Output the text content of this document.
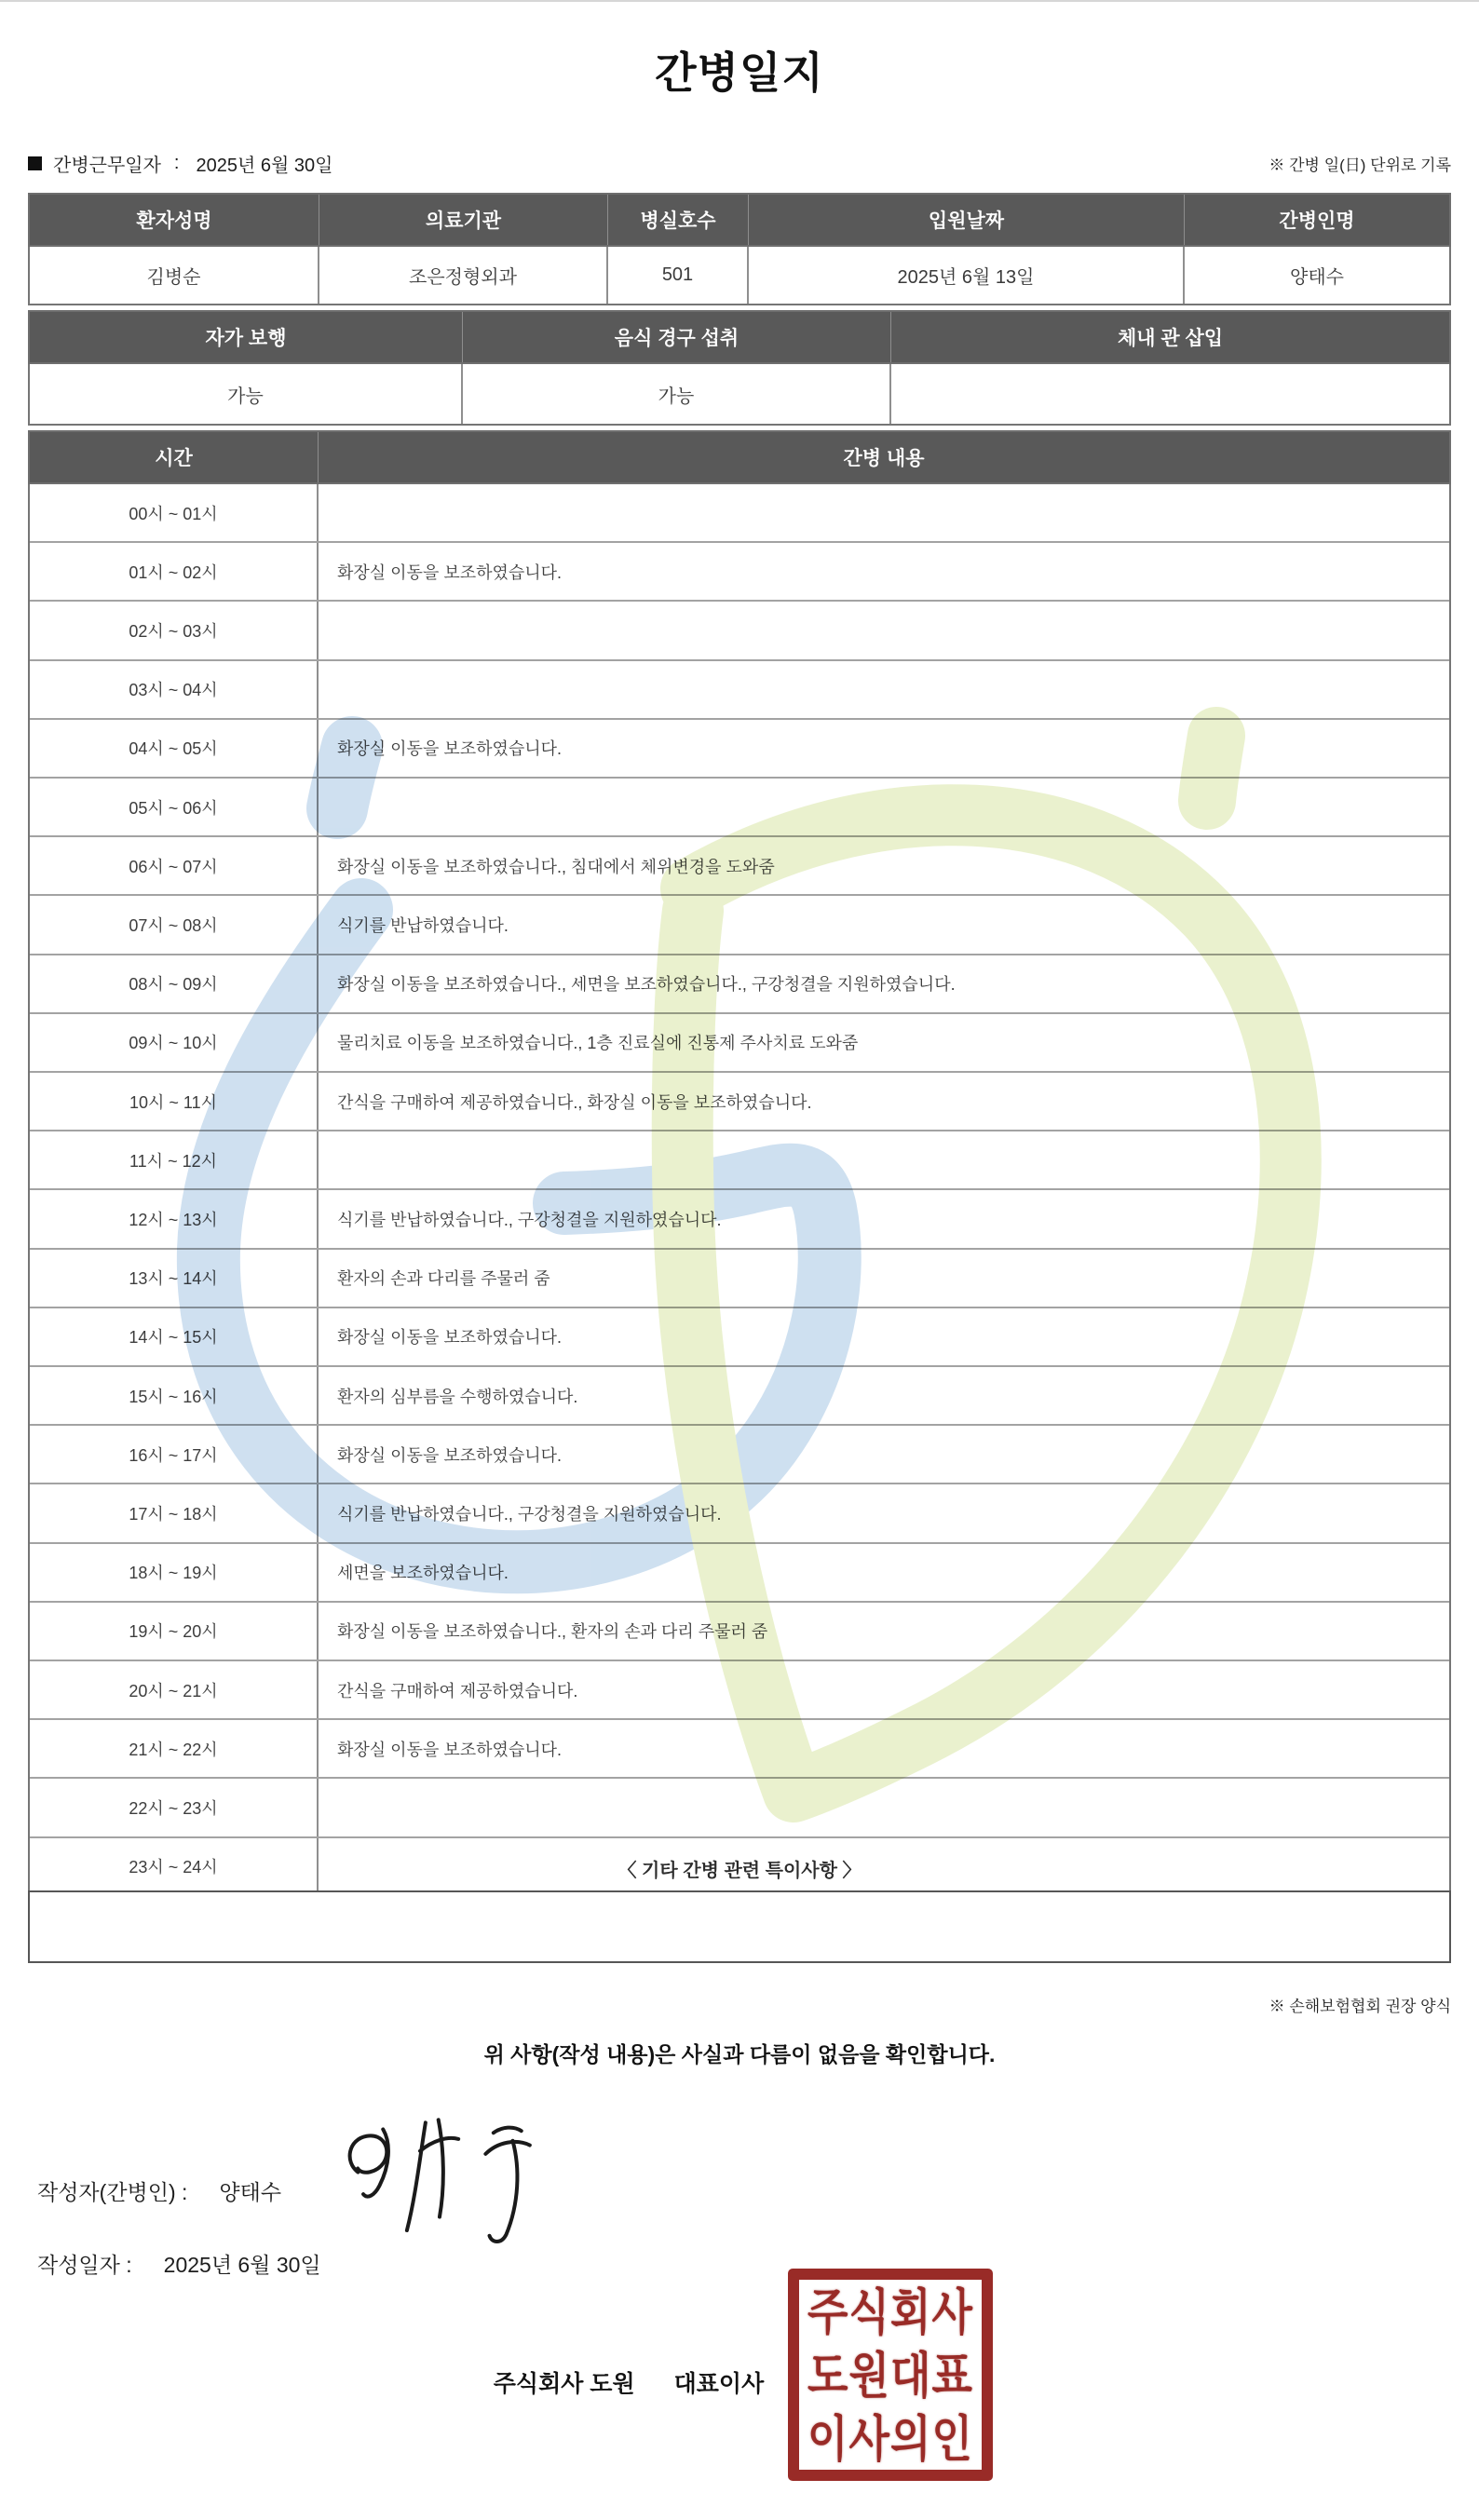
간병일지
간병근무일자 : 2025년 6월 30일	※ 간병 일(日) 단위로 기록
환자성명	의료기관	병실호수	입원날짜	간병인명
김병순	조은정형외과	501	2025년 6월 13일	양태수
자가 보행	음식 경구 섭취	체내 관 삽입
가능	가능
시간	간병 내용
00시 ~ 01시
01시 ~ 02시	화장실 이동을 보조하였습니다.
02시 ~ 03시
03시 ~ 04시
04시 ~ 05시	화장실 이동을 보조하였습니다.
05시 ~ 06시
06시 ~ 07시	화장실 이동을 보조하였습니다., 침대에서 체위변경을 도와줌
07시 ~ 08시	식기를 반납하였습니다.
08시 ~ 09시	화장실 이동을 보조하였습니다., 세면을 보조하였습니다., 구강청결을 지원하였습니다.
09시 ~ 10시	물리치료 이동을 보조하였습니다., 1층 진료실에 진통제 주사치료 도와줌
10시 ~ 11시	간식을 구매하여 제공하였습니다., 화장실 이동을 보조하였습니다.
11시 ~ 12시
12시 ~ 13시	식기를 반납하였습니다., 구강청결을 지원하였습니다.
13시 ~ 14시	환자의 손과 다리를 주물러 줌
14시 ~ 15시	화장실 이동을 보조하였습니다.
15시 ~ 16시	환자의 심부름을 수행하였습니다.
16시 ~ 17시	화장실 이동을 보조하였습니다.
17시 ~ 18시	식기를 반납하였습니다., 구강청결을 지원하였습니다.
18시 ~ 19시	세면을 보조하였습니다.
19시 ~ 20시	화장실 이동을 보조하였습니다., 환자의 손과 다리 주물러 줌
20시 ~ 21시	간식을 구매하여 제공하였습니다.
21시 ~ 22시	화장실 이동을 보조하였습니다.
22시 ~ 23시
23시 ~ 24시	〈 기타 간병 관련 특이사항 〉
※ 손해보험협회 권장 양식
위 사항(작성 내용)은 사실과 다름이 없음을 확인합니다.
작성자(간병인) : 양태수
작성일자 : 2025년 6월 30일
주식회사 도원 대표이사
주식회사
도원대표
이사의인
